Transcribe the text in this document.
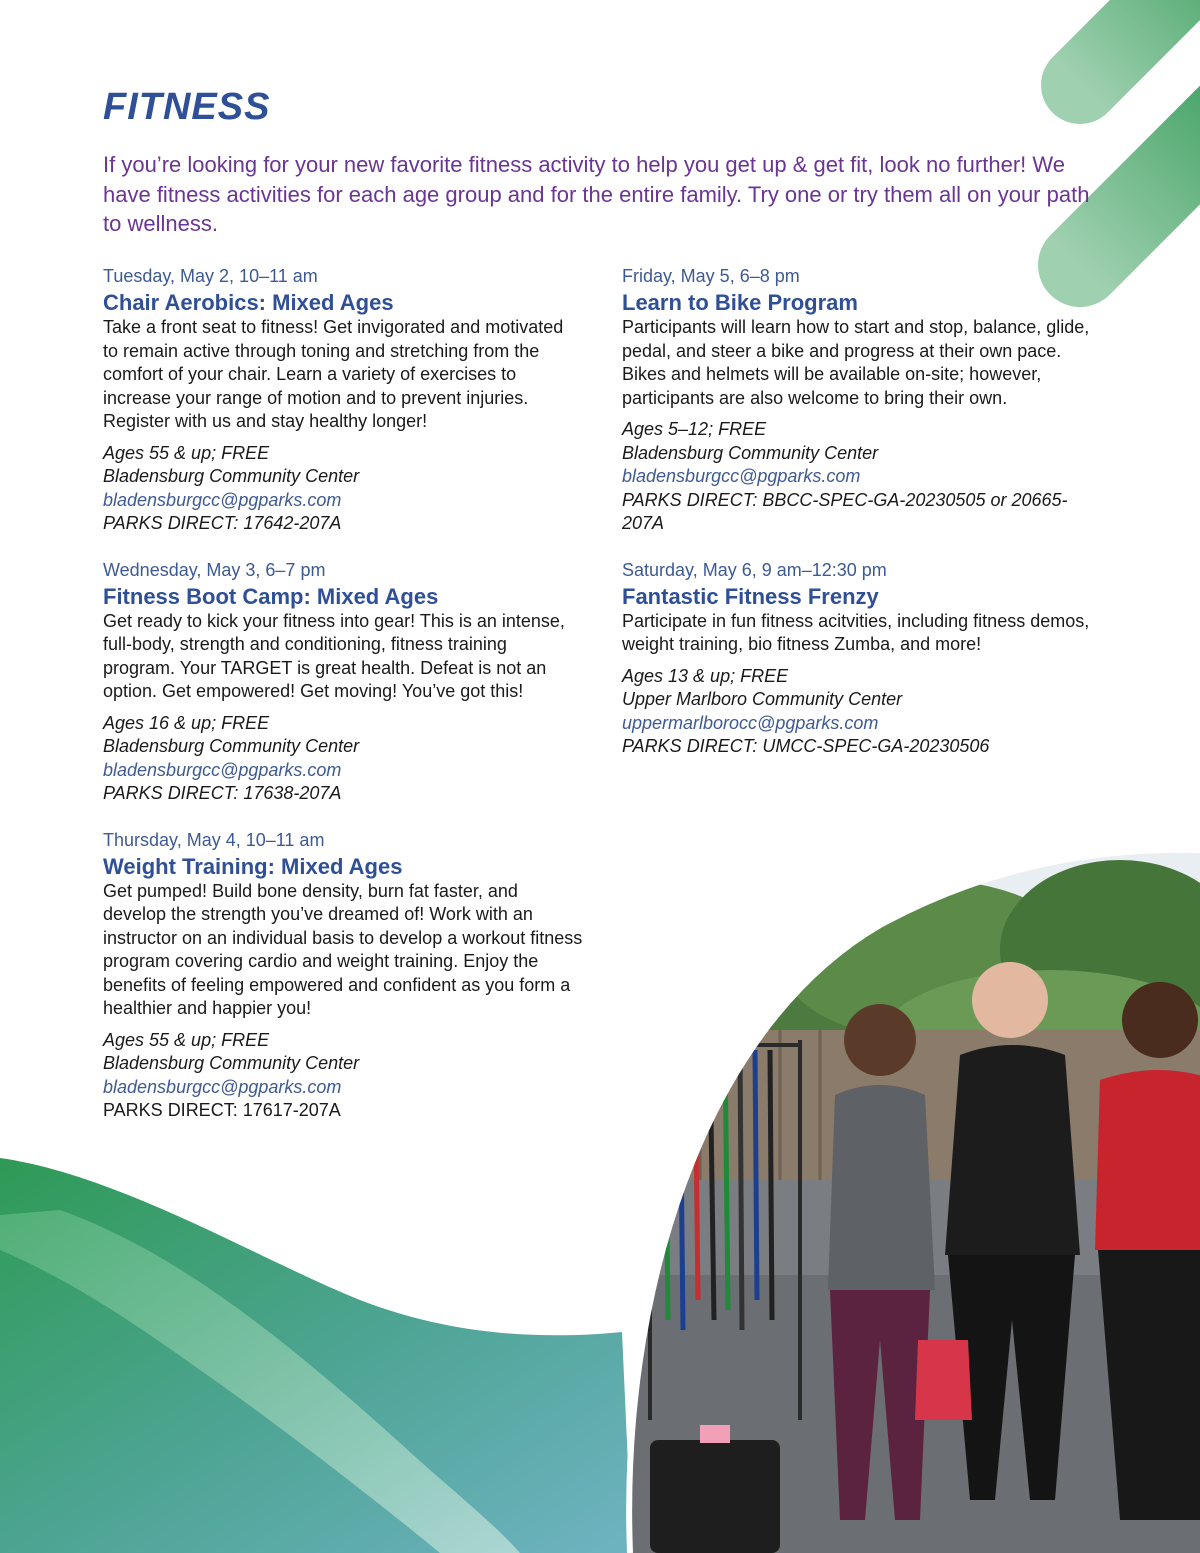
FITNESS

If you’re looking for your new favorite fitness activity to help you get up & get fit, look no further! We have fitness activities for each age group and for the entire family. Try one or try them all on your path to wellness.

Tuesday, May 2, 10–11 am
Chair Aerobics: Mixed Ages

Take a front seat to fitness! Get invigorated and motivated to remain active through toning and stretching from the comfort of your chair. Learn a variety of exercises to increase your range of motion and to prevent injuries. Register with us and stay healthy longer!

Ages 55 & up; FREE
Bladensburg Community Center
bladensburgcc@pgparks.com
PARKS DIRECT: 17642-207A
Wednesday, May 3, 6–7 pm
Fitness Boot Camp: Mixed Ages

Get ready to kick your fitness into gear! This is an intense, full-body, strength and conditioning, fitness training program. Your TARGET is great health. Defeat is not an option. Get empowered! Get moving! You’ve got this!

Ages 16 & up; FREE
Bladensburg Community Center
bladensburgcc@pgparks.com
PARKS DIRECT: 17638-207A
Thursday, May 4, 10–11 am
Weight Training: Mixed Ages

Get pumped! Build bone density, burn fat faster, and develop the strength you’ve dreamed of! Work with an instructor on an individual basis to develop a workout fitness program covering cardio and weight training. Enjoy the benefits of feeling empowered and confident as you form a healthier and happier you!

Ages 55 & up; FREE
Bladensburg Community Center
bladensburgcc@pgparks.com
PARKS DIRECT: 17617-207A
Friday, May 5, 6–8 pm
Learn to Bike Program

Participants will learn how to start and stop, balance, glide, pedal, and steer a bike and progress at their own pace. Bikes and helmets will be available on-site; however, participants are also welcome to bring their own.

Ages 5–12; FREE
Bladensburg Community Center
bladensburgcc@pgparks.com
PARKS DIRECT: BBCC-SPEC-GA-20230505 or 20665-207A
Saturday, May 6, 9 am–12:30 pm
Fantastic Fitness Frenzy

Participate in fun fitness acitvities, including fitness demos, weight training, bio fitness Zumba, and more!

Ages 13 & up; FREE
Upper Marlboro Community Center
uppermarlborocc@pgparks.com
PARKS DIRECT: UMCC-SPEC-GA-20230506
